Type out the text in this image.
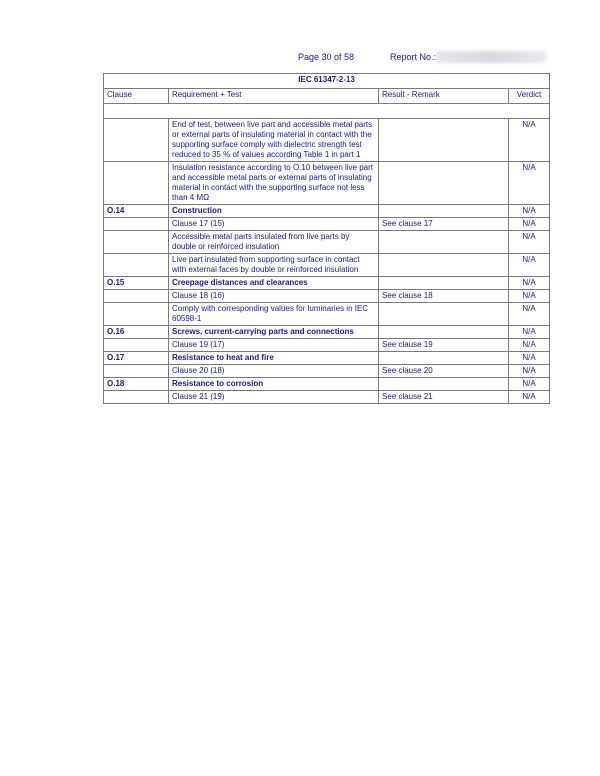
Page 30 of 58	Report No.:
IEC 61347-2-13			
Clause	Requirement + Test	Result - Remark	Verdict

	End of test, between live part and accessible metal parts or external parts of insulating material in contact with the supporting surface comply with dielectric strength test reduced to 35 % of values according Table 1 in part 1		N/A
	Insulation resistance according to O.10 between live part and accessible metal parts or external parts of insulating material in contact with the supporting surface not less than 4 MΩ		N/A
O.14	Construction		N/A
	Clause 17 (15)	See clause 17	N/A
	Accessible metal parts insulated from live parts by double or reinforced insulation		N/A
	Live part insulated from supporting surface in contact with external faces by double or reinforced insulation		N/A
O.15	Creepage distances and clearances		N/A
	Clause 18 (16)	See clause 18	N/A
	Comply with corresponding values for luminaries in IEC 60598-1		N/A
O.16	Screws, current-carrying parts and connections		N/A
	Clause 19 (17)	See clause 19	N/A
O.17	Resistance to heat and fire		N/A
	Clause 20 (18)	See clause 20	N/A
O.18	Resistance to corrosion		N/A
	Clause 21 (19)	See clause 21	N/A
